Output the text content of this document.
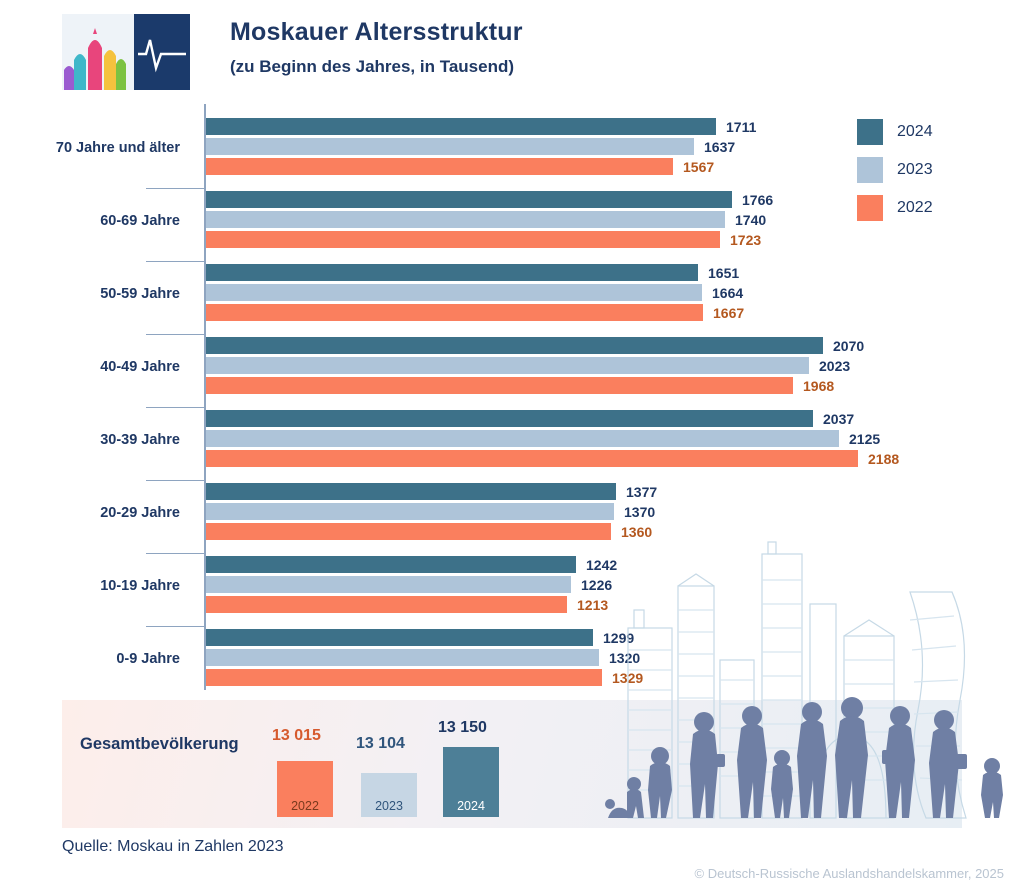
Moskauer Altersstruktur
(zu Beginn des Jahres, in Tausend)
2024
2023
2022
70 Jahre und älter
1711
1637
1567
60-69 Jahre
1766
1740
1723
50-59 Jahre
1651
1664
1667
40-49 Jahre
2070
2023
1968
30-39 Jahre
2037
2125
2188
20-29 Jahre
1377
1370
1360
10-19 Jahre
1242
1226
1213
0-9 Jahre
1299
1320
1329
Gesamtbevölkerung 13 015
2022
13 104
2023
13 150
2024
Quelle: Moskau in Zahlen 2023
© Deutsch-Russische Auslandshandelskammer, 2025
